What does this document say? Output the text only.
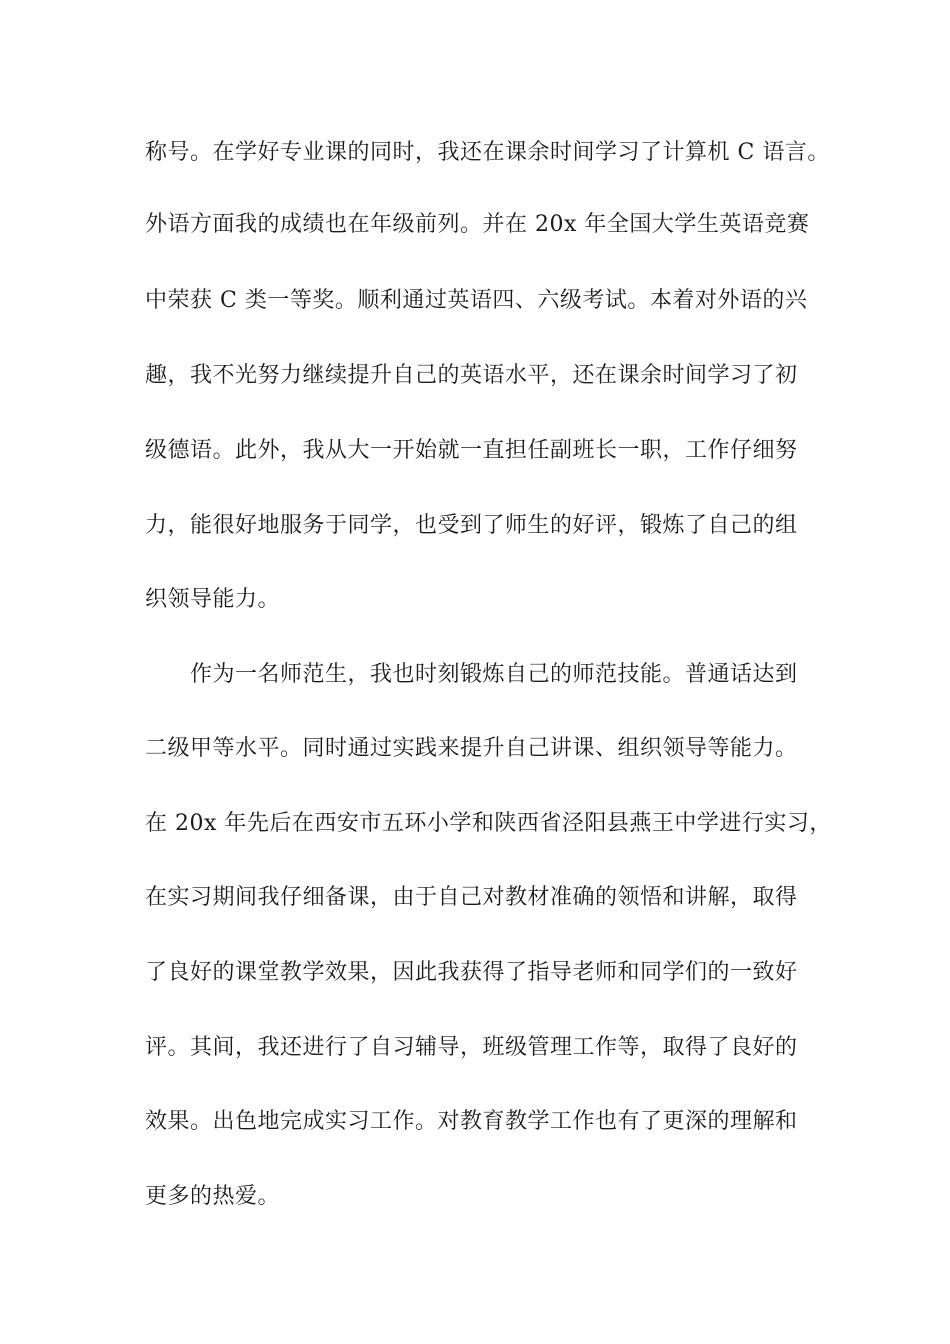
称号。在学好专业课的同时，我还在课余时间学习了计算机 C 语言。
外语方面我的成绩也在年级前列。并在 20x 年全国大学生英语竞赛
中荣获 C 类一等奖。顺利通过英语四、六级考试。本着对外语的兴
趣，我不光努力继续提升自己的英语水平，还在课余时间学习了初
级德语。此外，我从大一开始就一直担任副班长一职，工作仔细努
力，能很好地服务于同学，也受到了师生的好评，锻炼了自己的组
织领导能力。
作为一名师范生，我也时刻锻炼自己的师范技能。普通话达到
二级甲等水平。同时通过实践来提升自己讲课、组织领导等能力。
在 20x 年先后在西安市五环小学和陕西省泾阳县燕王中学进行实习，
在实习期间我仔细备课，由于自己对教材准确的领悟和讲解，取得
了良好的课堂教学效果，因此我获得了指导老师和同学们的一致好
评。其间，我还进行了自习辅导，班级管理工作等，取得了良好的
效果。出色地完成实习工作。对教育教学工作也有了更深的理解和
更多的热爱。
